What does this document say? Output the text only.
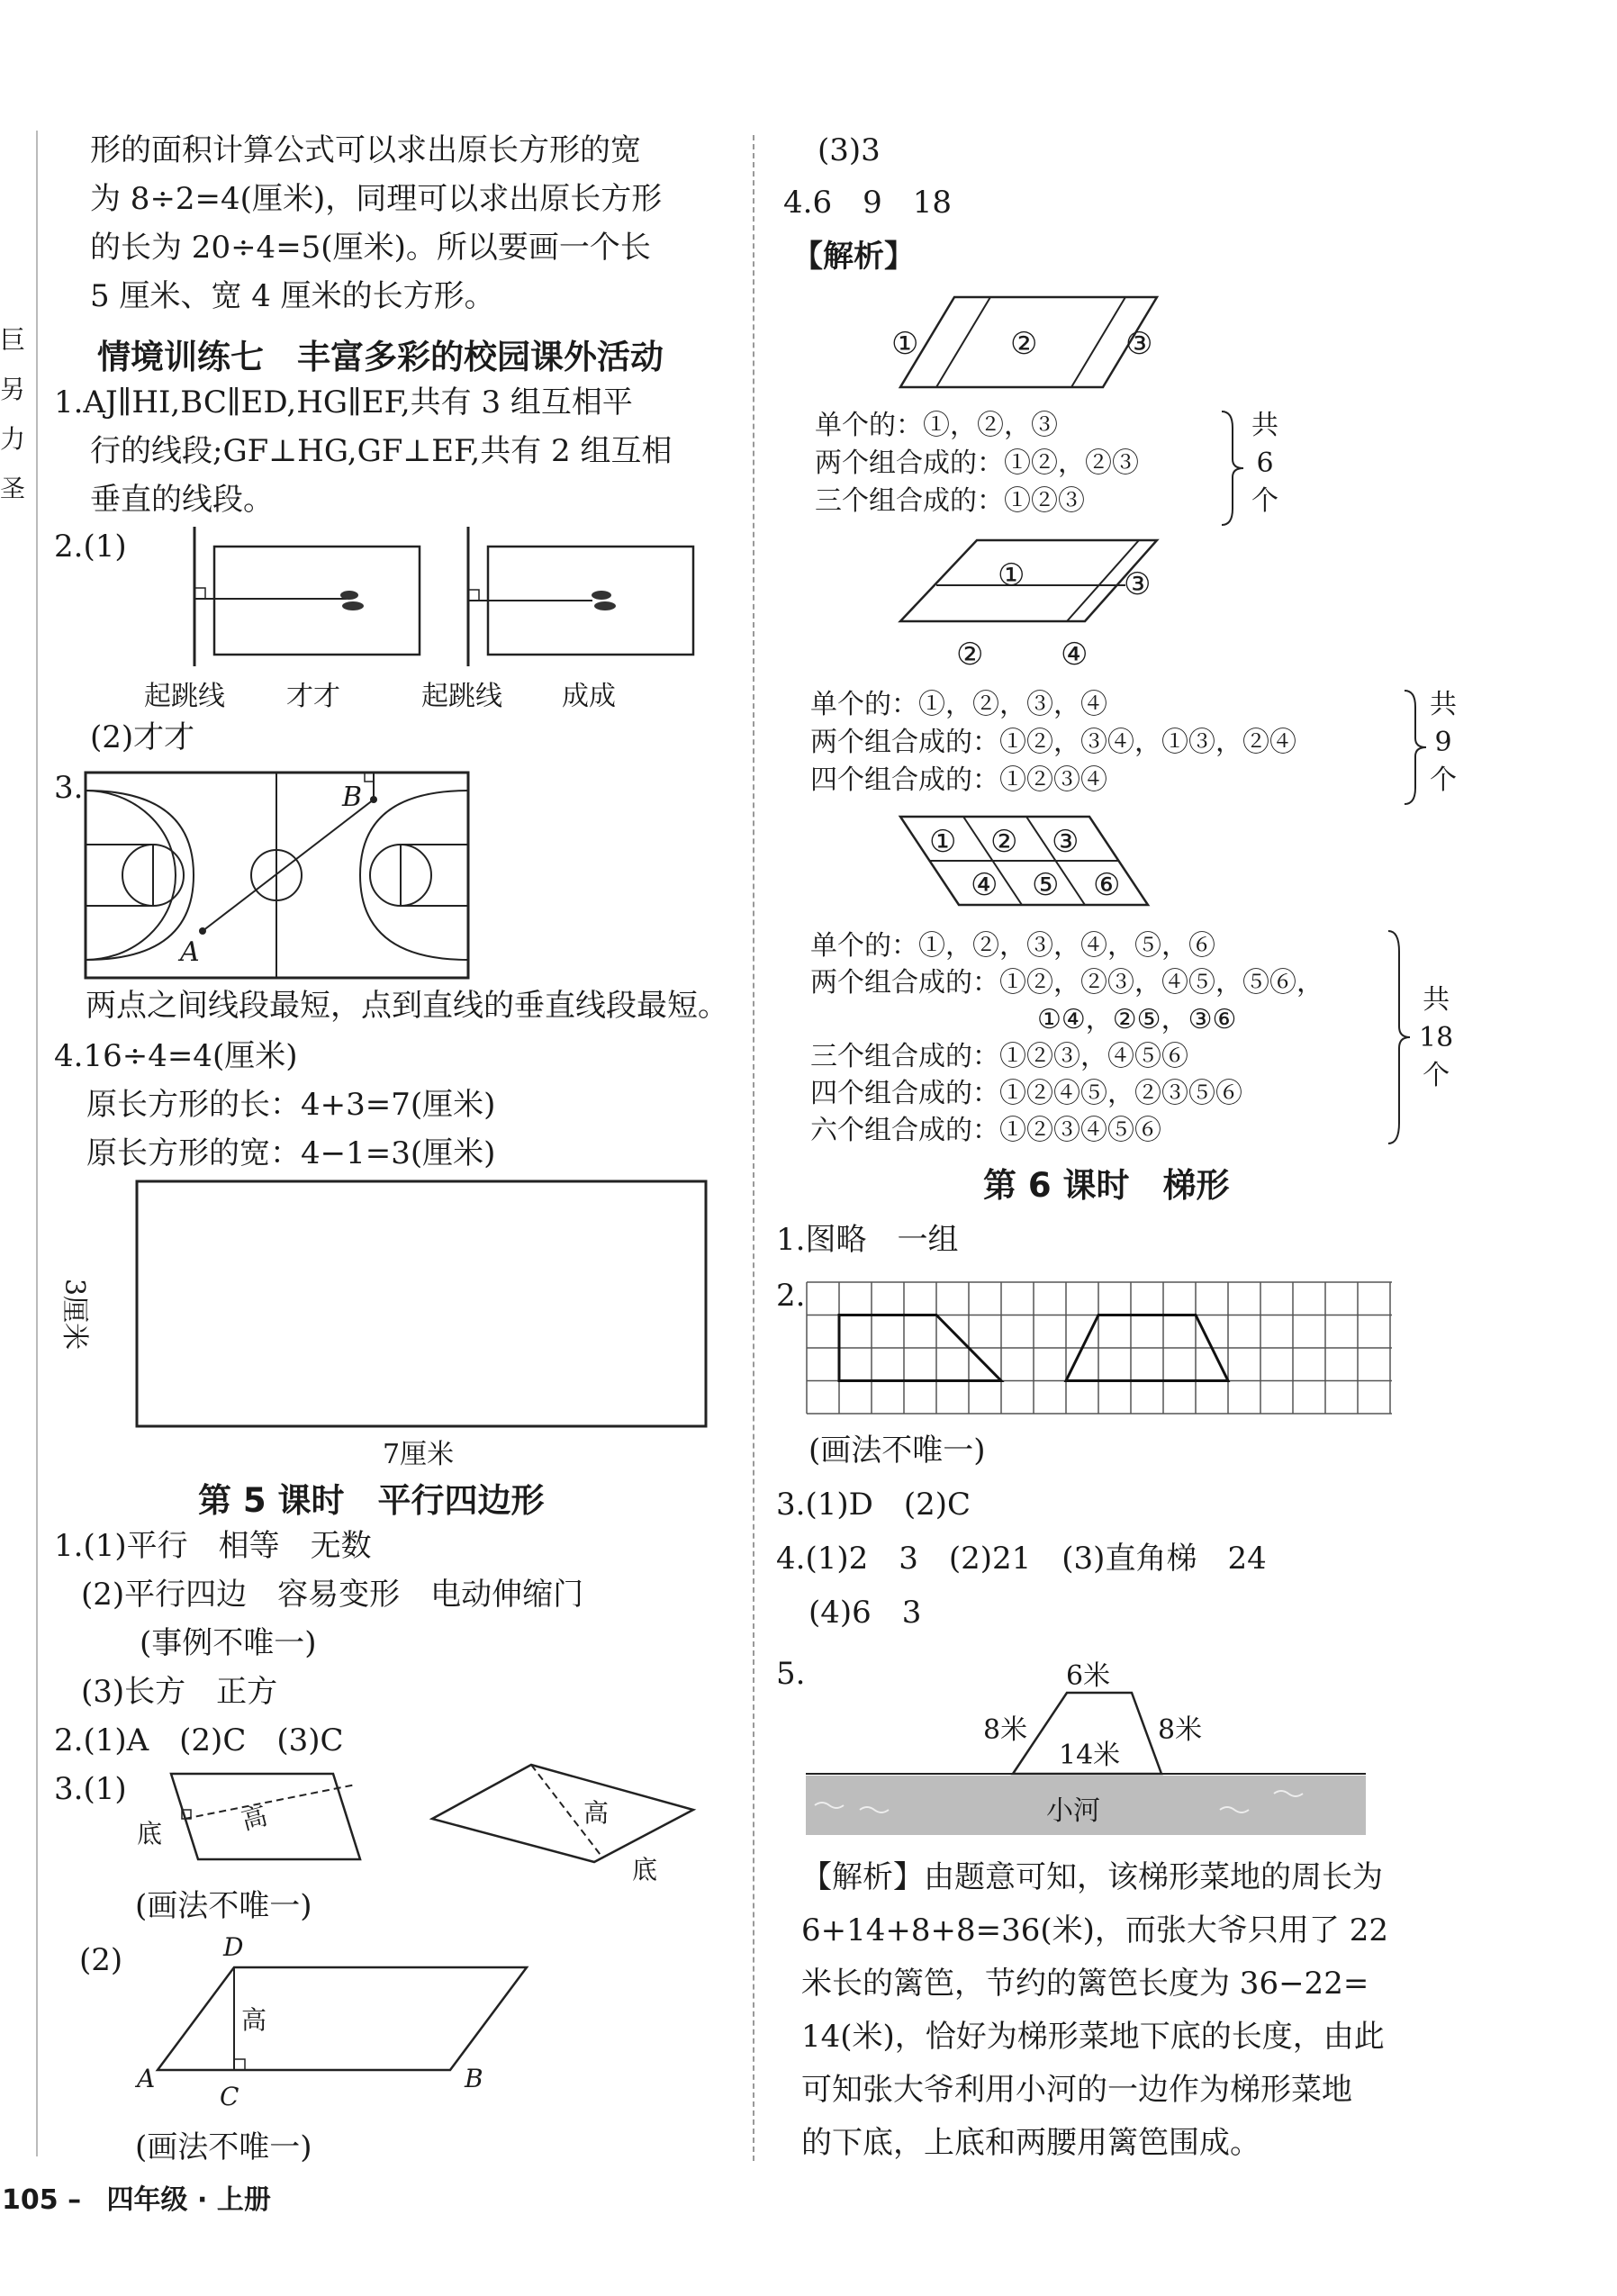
巨
另
力
圣
形的面积计算公式可以求出原长方形的宽
为 8÷2=4(厘米)，同理可以求出原长方形
的长为 20÷4=5(厘米)。所以要画一个长
5 厘米、宽 4 厘米的长方形。
情境训练七　丰富多彩的校园课外活动
1.AJ∥HI,BC∥ED,HG∥EF,共有 3 组互相平
行的线段;GF⊥HG,GF⊥EF,共有 2 组互相
垂直的线段。
2.(1)
起跳线 才才	起跳线 成成
(2)才才
3.	B
A
两点之间线段最短，点到直线的垂直线段最短。
4.16÷4=4(厘米)
原长方形的长：4+3=7(厘米)
原长方形的宽：4−1=3(厘米)
3厘米
7厘米
第 5 课时　平行四边形
1.(1)平行　相等　无数
(2)平行四边　容易变形　电动伸缩门
(事例不唯一)
(3)长方　正方
2.(1)A　(2)C　(3)C
3.(1)
底	高	高
底
(画法不唯一)
(2)	D
高
A
C
B
(画法不唯一)
(3)3
4.6　9　18
【解析】
①	②	③
单个的：①，②，③
两个组合成的：①②，②③
三个组合成的：①②③
共
6
个
①	③
②	④
单个的：①，②，③，④
两个组合成的：①②，③④，①③，②④
四个组合成的：①②③④
共
9
个
① ② ③
④ ⑤ ⑥
单个的：①，②，③，④，⑤，⑥
两个组合成的：①②，②③，④⑤，⑤⑥，
①④，②⑤，③⑥
三个组合成的：①②③，④⑤⑥
四个组合成的：①②④⑤，②③⑤⑥
六个组合成的：①②③④⑤⑥
共
18
个
第 6 课时　梯形
1.图略　一组
2.
(画法不唯一)
3.(1)D　(2)C
4.(1)2　3　(2)21　(3)直角梯　24
(4)6　3
5.	6米
8米	8米
14米
小河
【解析】由题意可知，该梯形菜地的周长为
6+14+8+8=36(米)，而张大爷只用了 22
米长的篱笆，节约的篱笆长度为 36−22=
14(米)，恰好为梯形菜地下底的长度，由此
可知张大爷利用小河的一边作为梯形菜地
的下底，上底和两腰用篱笆围成。
105 – 四年级 · 上册
